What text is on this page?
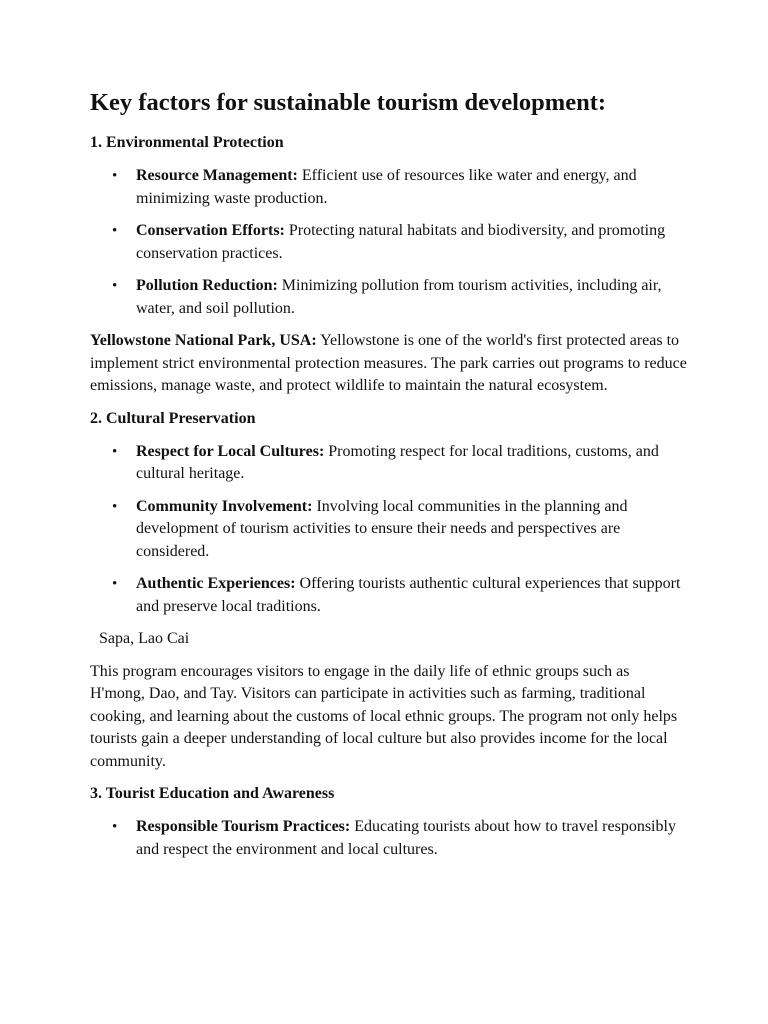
Key factors for sustainable tourism development:
1. Environmental Protection
• Resource Management: Efficient use of resources like water and energy, and minimizing waste production.
• Conservation Efforts: Protecting natural habitats and biodiversity, and promoting conservation practices.
• Pollution Reduction: Minimizing pollution from tourism activities, including air, water, and soil pollution.

Yellowstone National Park, USA: Yellowstone is one of the world's first protected areas to implement strict environmental protection measures. The park carries out programs to reduce emissions, manage waste, and protect wildlife to maintain the natural ecosystem.

2. Cultural Preservation
• Respect for Local Cultures: Promoting respect for local traditions, customs, and cultural heritage.
• Community Involvement: Involving local communities in the planning and development of tourism activities to ensure their needs and perspectives are considered.
• Authentic Experiences: Offering tourists authentic cultural experiences that support and preserve local traditions.

Sapa, Lao Cai

This program encourages visitors to engage in the daily life of ethnic groups such as H'mong, Dao, and Tay. Visitors can participate in activities such as farming, traditional cooking, and learning about the customs of local ethnic groups. The program not only helps tourists gain a deeper understanding of local culture but also provides income for the local community.

3. Tourist Education and Awareness
• Responsible Tourism Practices: Educating tourists about how to travel responsibly and respect the environment and local cultures.
